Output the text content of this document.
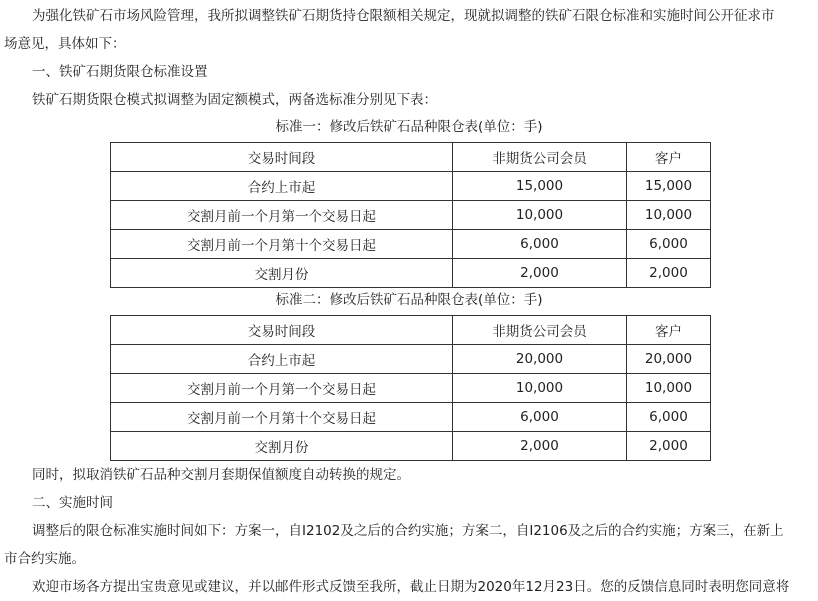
为强化铁矿石市场风险管理，我所拟调整铁矿石期货持仓限额相关规定，现就拟调整的铁矿石限仓标准和实施时间公开征求市
场意见，具体如下：
一、铁矿石期货限仓标准设置
铁矿石期货限仓模式拟调整为固定额模式，两备选标准分别见下表：
标准一：修改后铁矿石品种限仓表(单位：手)
交易时间段	非期货公司会员	客户
合约上市起	15,000	15,000
交割月前一个月第一个交易日起	10,000	10,000
交割月前一个月第十个交易日起	6,000	6,000
交割月份	2,000	2,000
标准二：修改后铁矿石品种限仓表(单位：手)
交易时间段	非期货公司会员	客户
合约上市起	20,000	20,000
交割月前一个月第一个交易日起	10,000	10,000
交割月前一个月第十个交易日起	6,000	6,000
交割月份	2,000	2,000
同时，拟取消铁矿石品种交割月套期保值额度自动转换的规定。
二、实施时间
调整后的限仓标准实施时间如下：方案一，自I2102及之后的合约实施；方案二，自I2106及之后的合约实施；方案三，在新上
市合约实施。
欢迎市场各方提出宝贵意见或建议，并以邮件形式反馈至我所，截止日期为2020年12月23日。您的反馈信息同时表明您同意将
